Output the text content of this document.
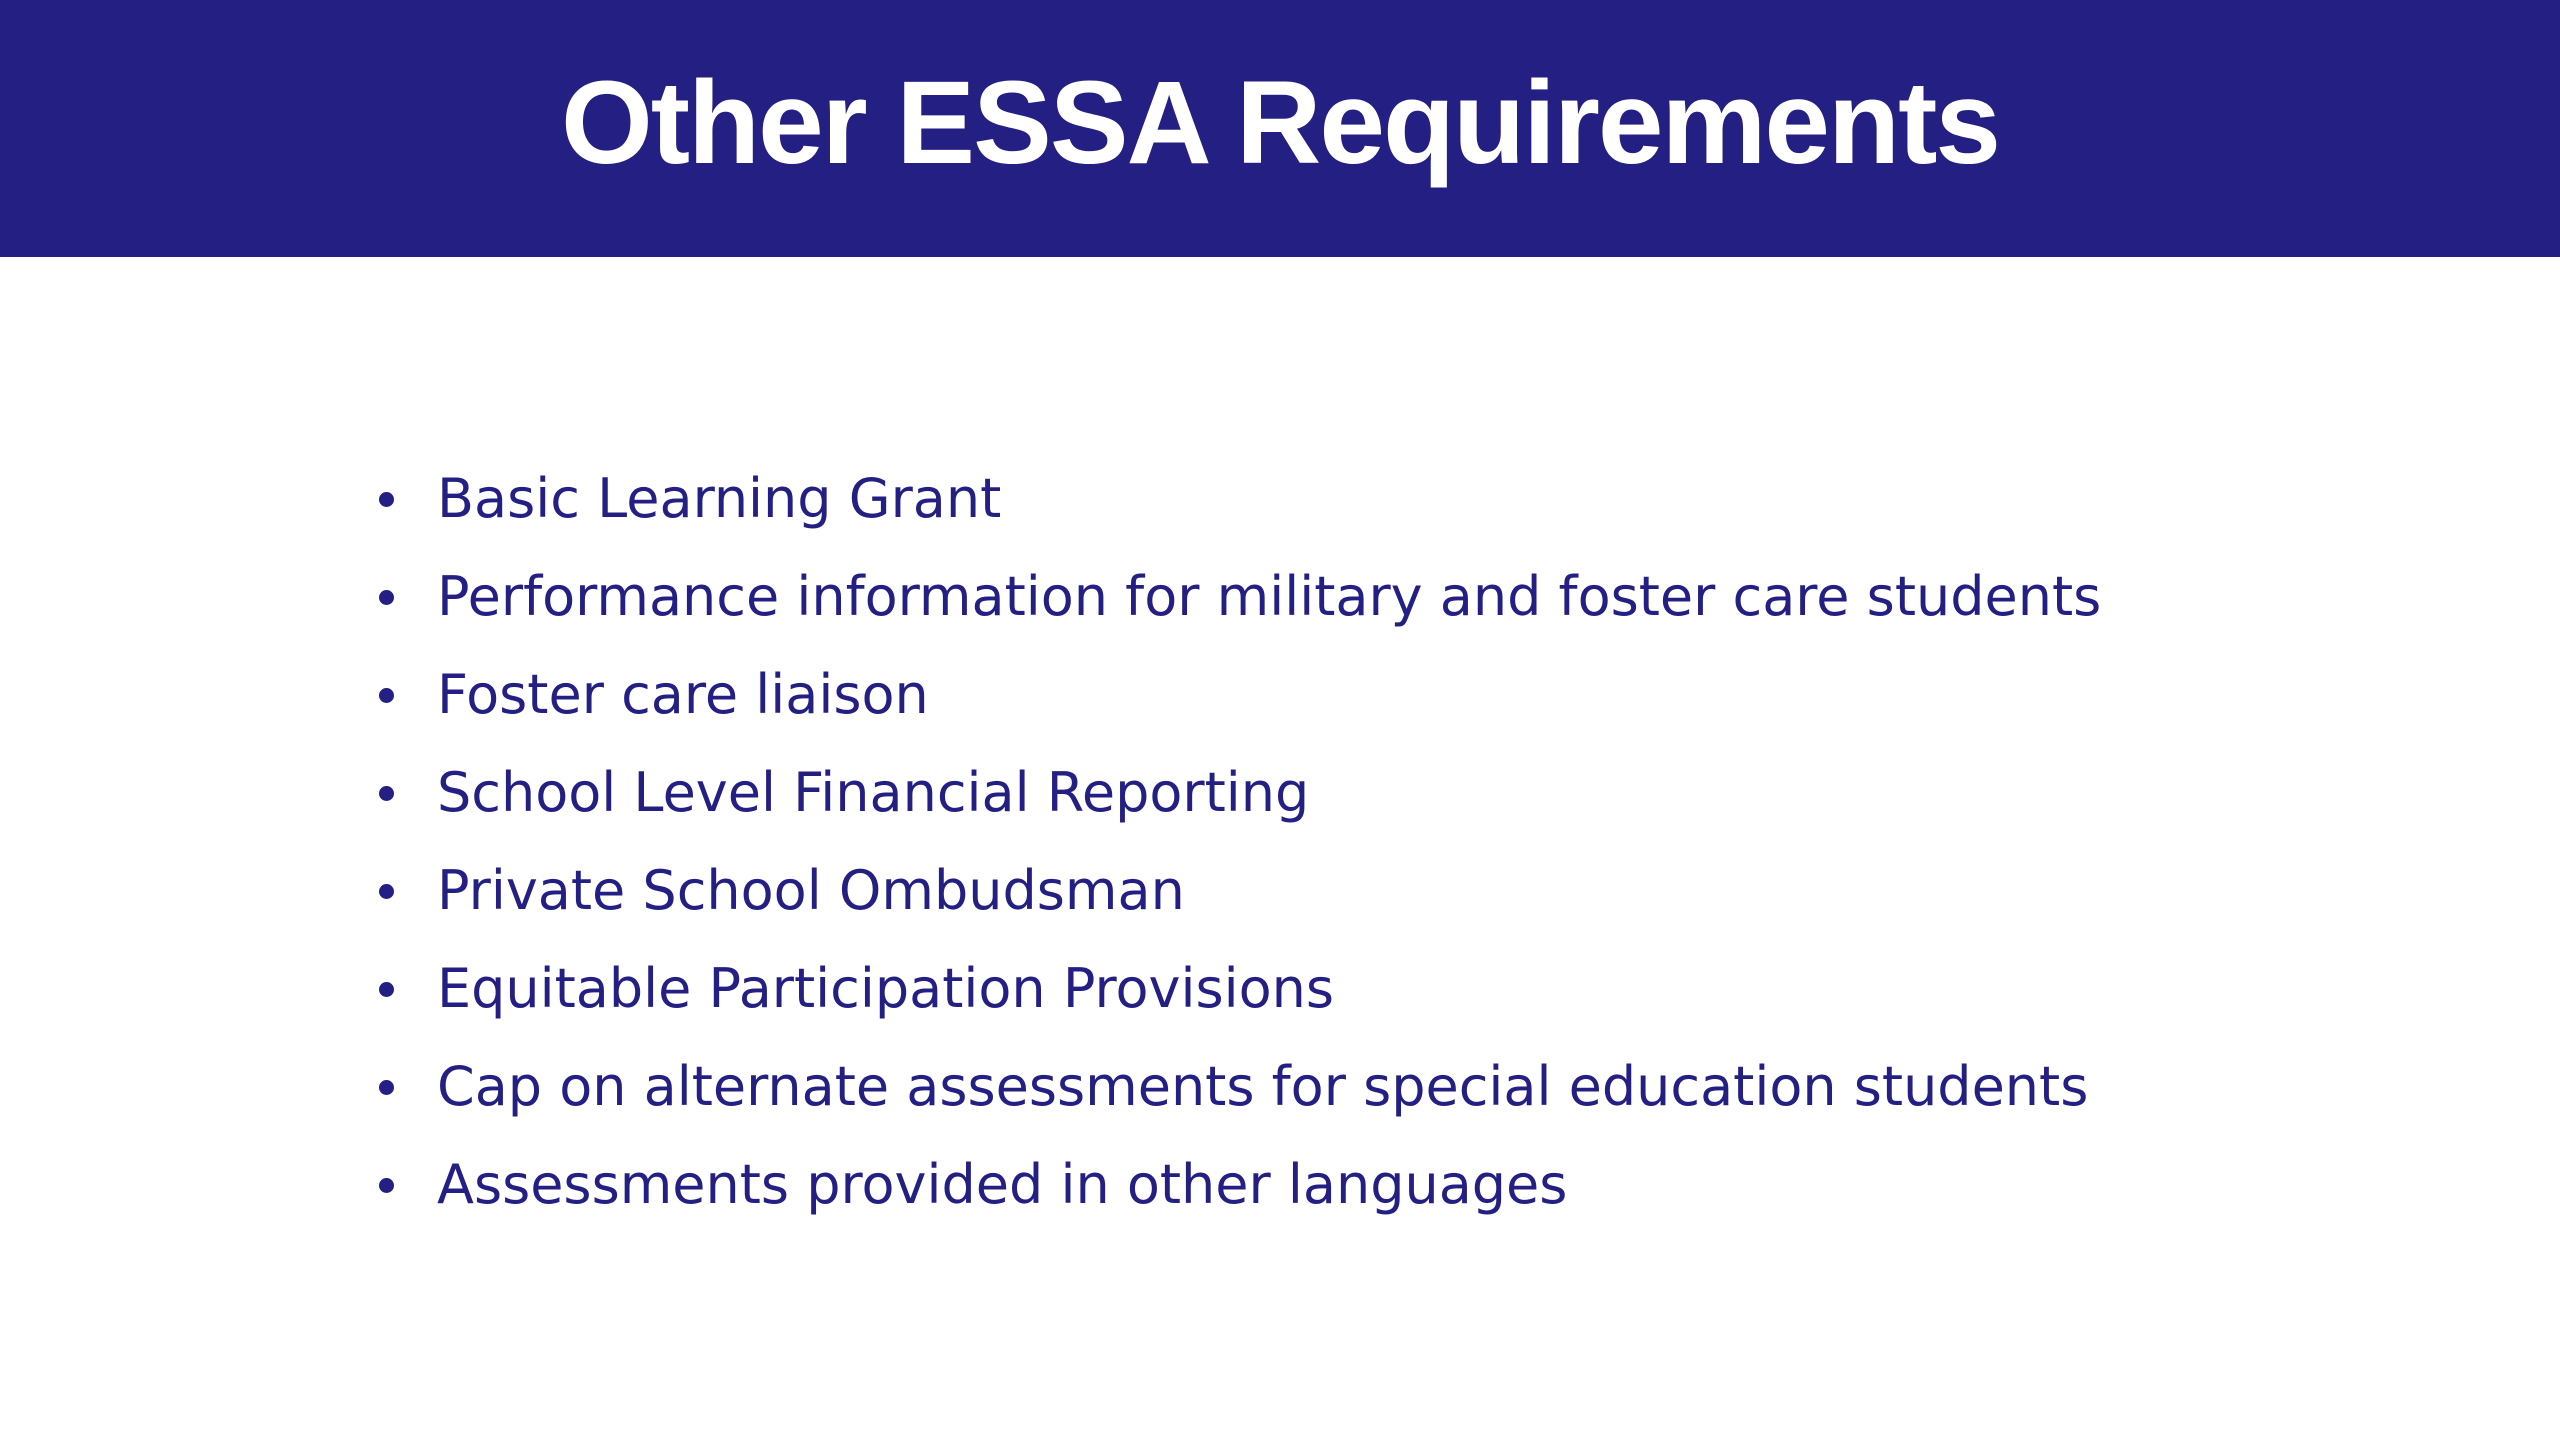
Other ESSA Requirements
Basic Learning Grant
Performance information for military and foster care students
Foster care liaison
School Level Financial Reporting
Private School Ombudsman
Equitable Participation Provisions
Cap on alternate assessments for special education students
Assessments provided in other languages
